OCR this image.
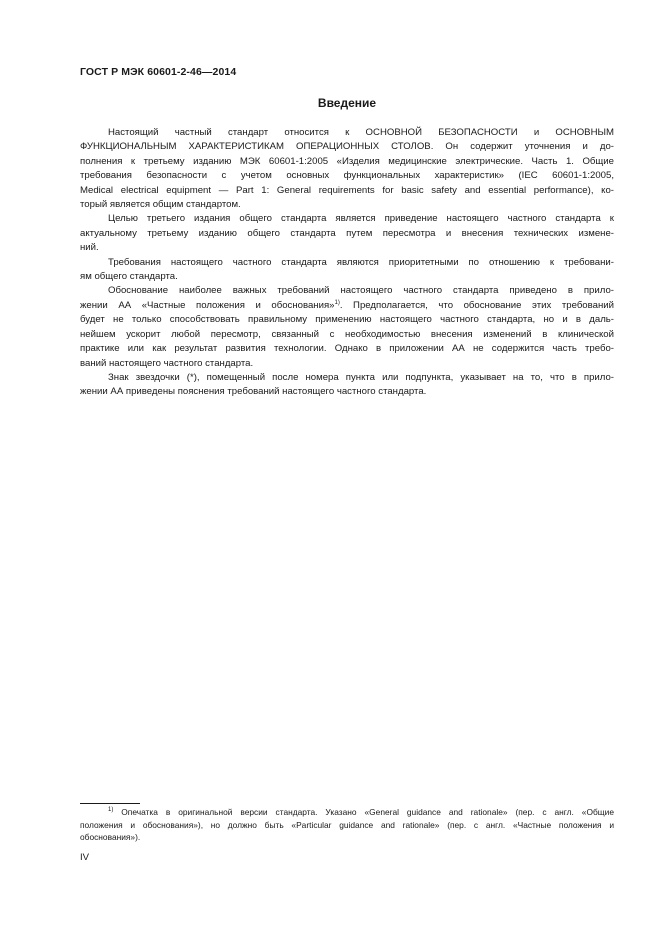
ГОСТ Р МЭК 60601-2-46—2014
Введение

Настоящий частный стандарт относится к ОСНОВНОЙ БЕЗОПАСНОСТИ и ОСНОВНЫМ
ФУНКЦИОНАЛЬНЫМ ХАРАКТЕРИСТИКАМ ОПЕРАЦИОННЫХ СТОЛОВ. Он содержит уточнения и до-
полнения к третьему изданию МЭК 60601-1:2005 «Изделия медицинские электрические. Часть 1. Общие
требования безопасности с учетом основных функциональных характеристик» (IEC 60601-1:2005,
Medical electrical equipment — Part 1: General requirements for basic safety and essential performance), ко-
торый является общим стандартом.

Целью третьего издания общего стандарта является приведение настоящего частного стандарта к
актуальному третьему изданию общего стандарта путем пересмотра и внесения технических измене-
ний.

Требования настоящего частного стандарта являются приоритетными по отношению к требовани-
ям общего стандарта.

Обоснование наиболее важных требований настоящего частного стандарта приведено в прило-
жении АА «Частные положения и обоснования»$^{1)}$. Предполагается, что обоснование этих требований
будет не только способствовать правильному применению настоящего частного стандарта, но и в даль-
нейшем ускорит любой пересмотр, связанный с необходимостью внесения изменений в клинической
практике или как результат развития технологии. Однако в приложении АА не содержится часть требо-
ваний настоящего частного стандарта.

Знак звездочки (*), помещенный после номера пункта или подпункта, указывает на то, что в прило-
жении АА приведены пояснения требований настоящего частного стандарта.

$^{1)}$ Опечатка в оригинальной версии стандарта. Указано «General guidance and rationale» (пер. с англ. «Общие
положения и обоснования»), но должно быть «Particular guidance and rationale» (пер. с англ. «Частные положения и
обоснования»).
IV
